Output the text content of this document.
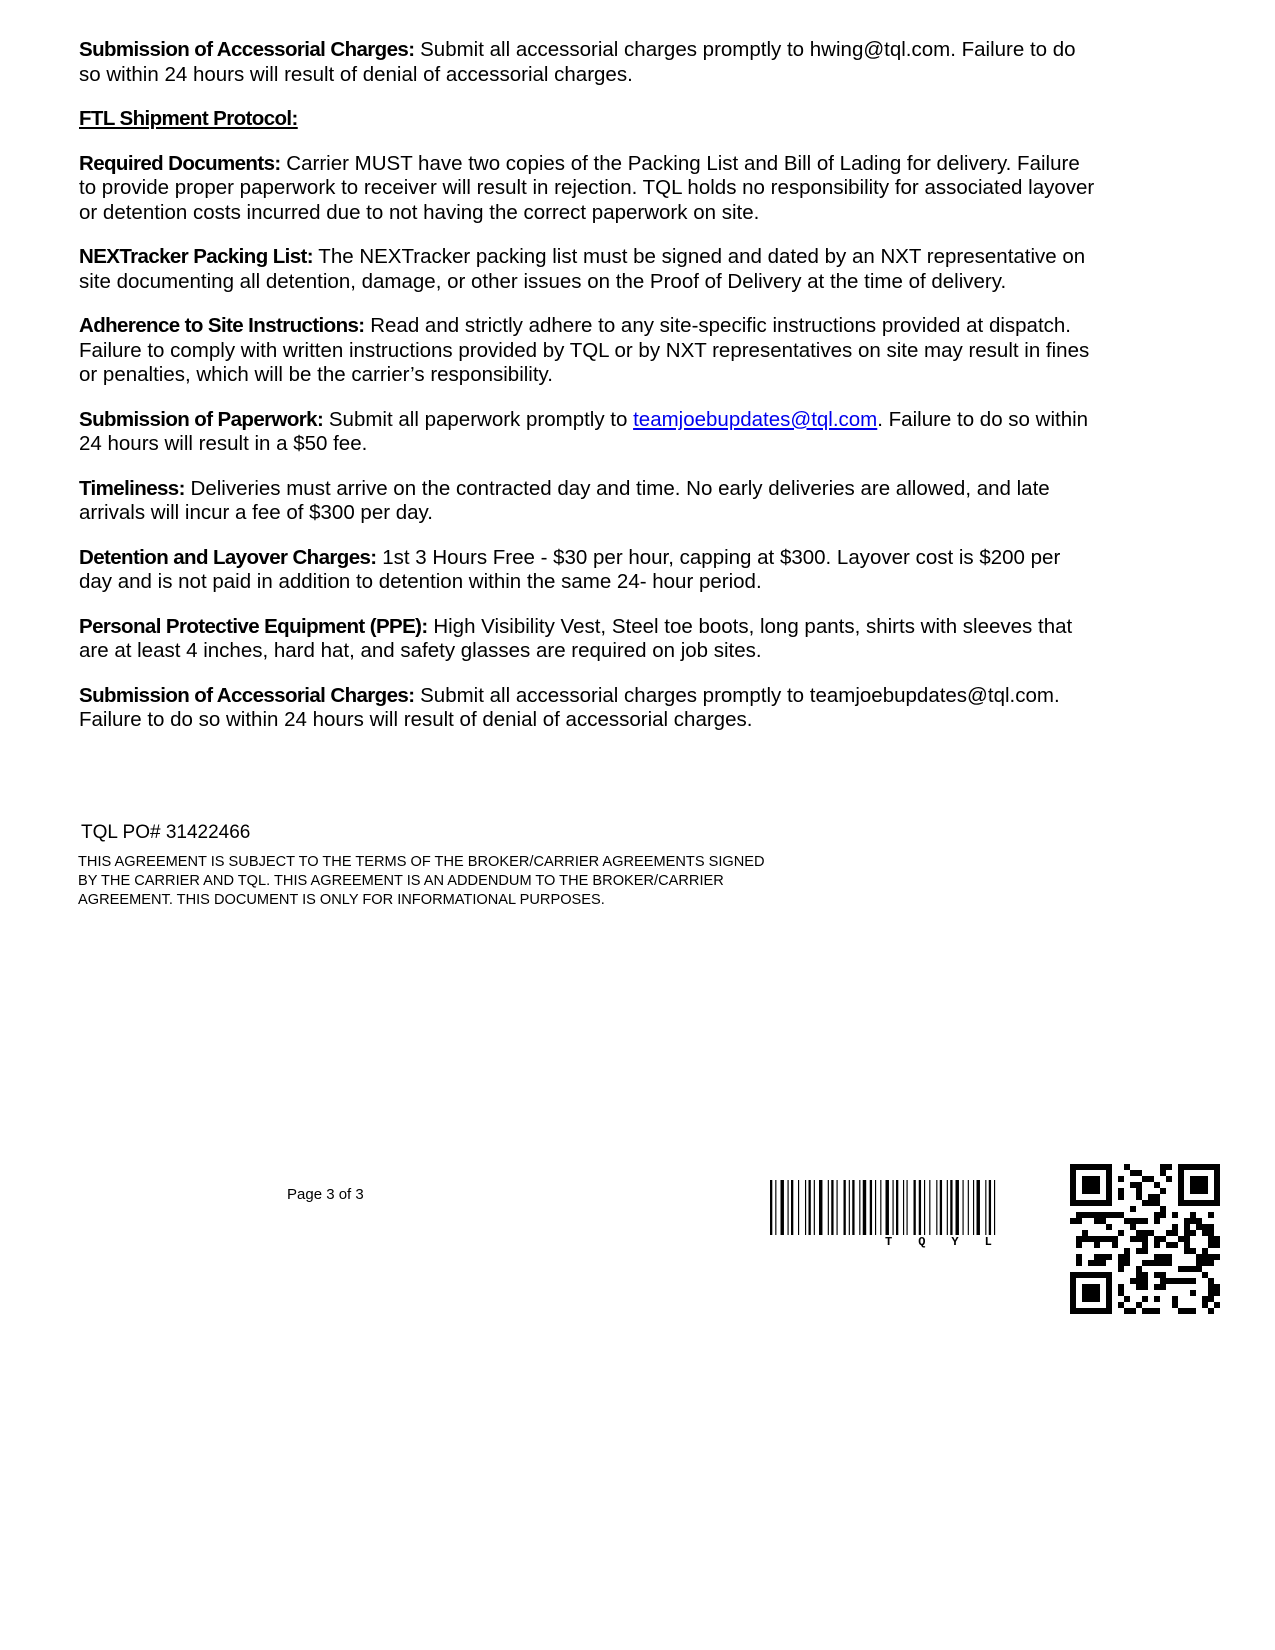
Submission of Accessorial Charges: Submit all accessorial charges promptly to hwing@tql.com. Failure to do so within 24 hours will result of denial of accessorial charges.

FTL Shipment Protocol:

Required Documents: Carrier MUST have two copies of the Packing List and Bill of Lading for delivery. Failure to provide proper paperwork to receiver will result in rejection. TQL holds no responsibility for associated layover or detention costs incurred due to not having the correct paperwork on site.

NEXTracker Packing List: The NEXTracker packing list must be signed and dated by an NXT representative on site documenting all detention, damage, or other issues on the Proof of Delivery at the time of delivery.

Adherence to Site Instructions: Read and strictly adhere to any site-specific instructions provided at dispatch. Failure to comply with written instructions provided by TQL or by NXT representatives on site may result in fines or penalties, which will be the carrier’s responsibility.

Submission of Paperwork: Submit all paperwork promptly to teamjoebupdates@tql.com. Failure to do so within 24 hours will result in a $50 fee.

Timeliness: Deliveries must arrive on the contracted day and time. No early deliveries are allowed, and late arrivals will incur a fee of $300 per day.

Detention and Layover Charges: 1st 3 Hours Free - $30 per hour, capping at $300. Layover cost is $200 per day and is not paid in addition to detention within the same 24- hour period.

Personal Protective Equipment (PPE): High Visibility Vest, Steel toe boots, long pants, shirts with sleeves that are at least 4 inches, hard hat, and safety glasses are required on job sites.

Submission of Accessorial Charges: Submit all accessorial charges promptly to teamjoebupdates@tql.com. Failure to do so within 24 hours will result of denial of accessorial charges.

TQL PO# 31422466
THIS AGREEMENT IS SUBJECT TO THE TERMS OF THE BROKER/CARRIER AGREEMENTS SIGNED BY THE CARRIER AND TQL. THIS AGREEMENT IS AN ADDENDUM TO THE BROKER/CARRIER AGREEMENT. THIS DOCUMENT IS ONLY FOR INFORMATIONAL PURPOSES.
Page 3 of 3
TQYL
